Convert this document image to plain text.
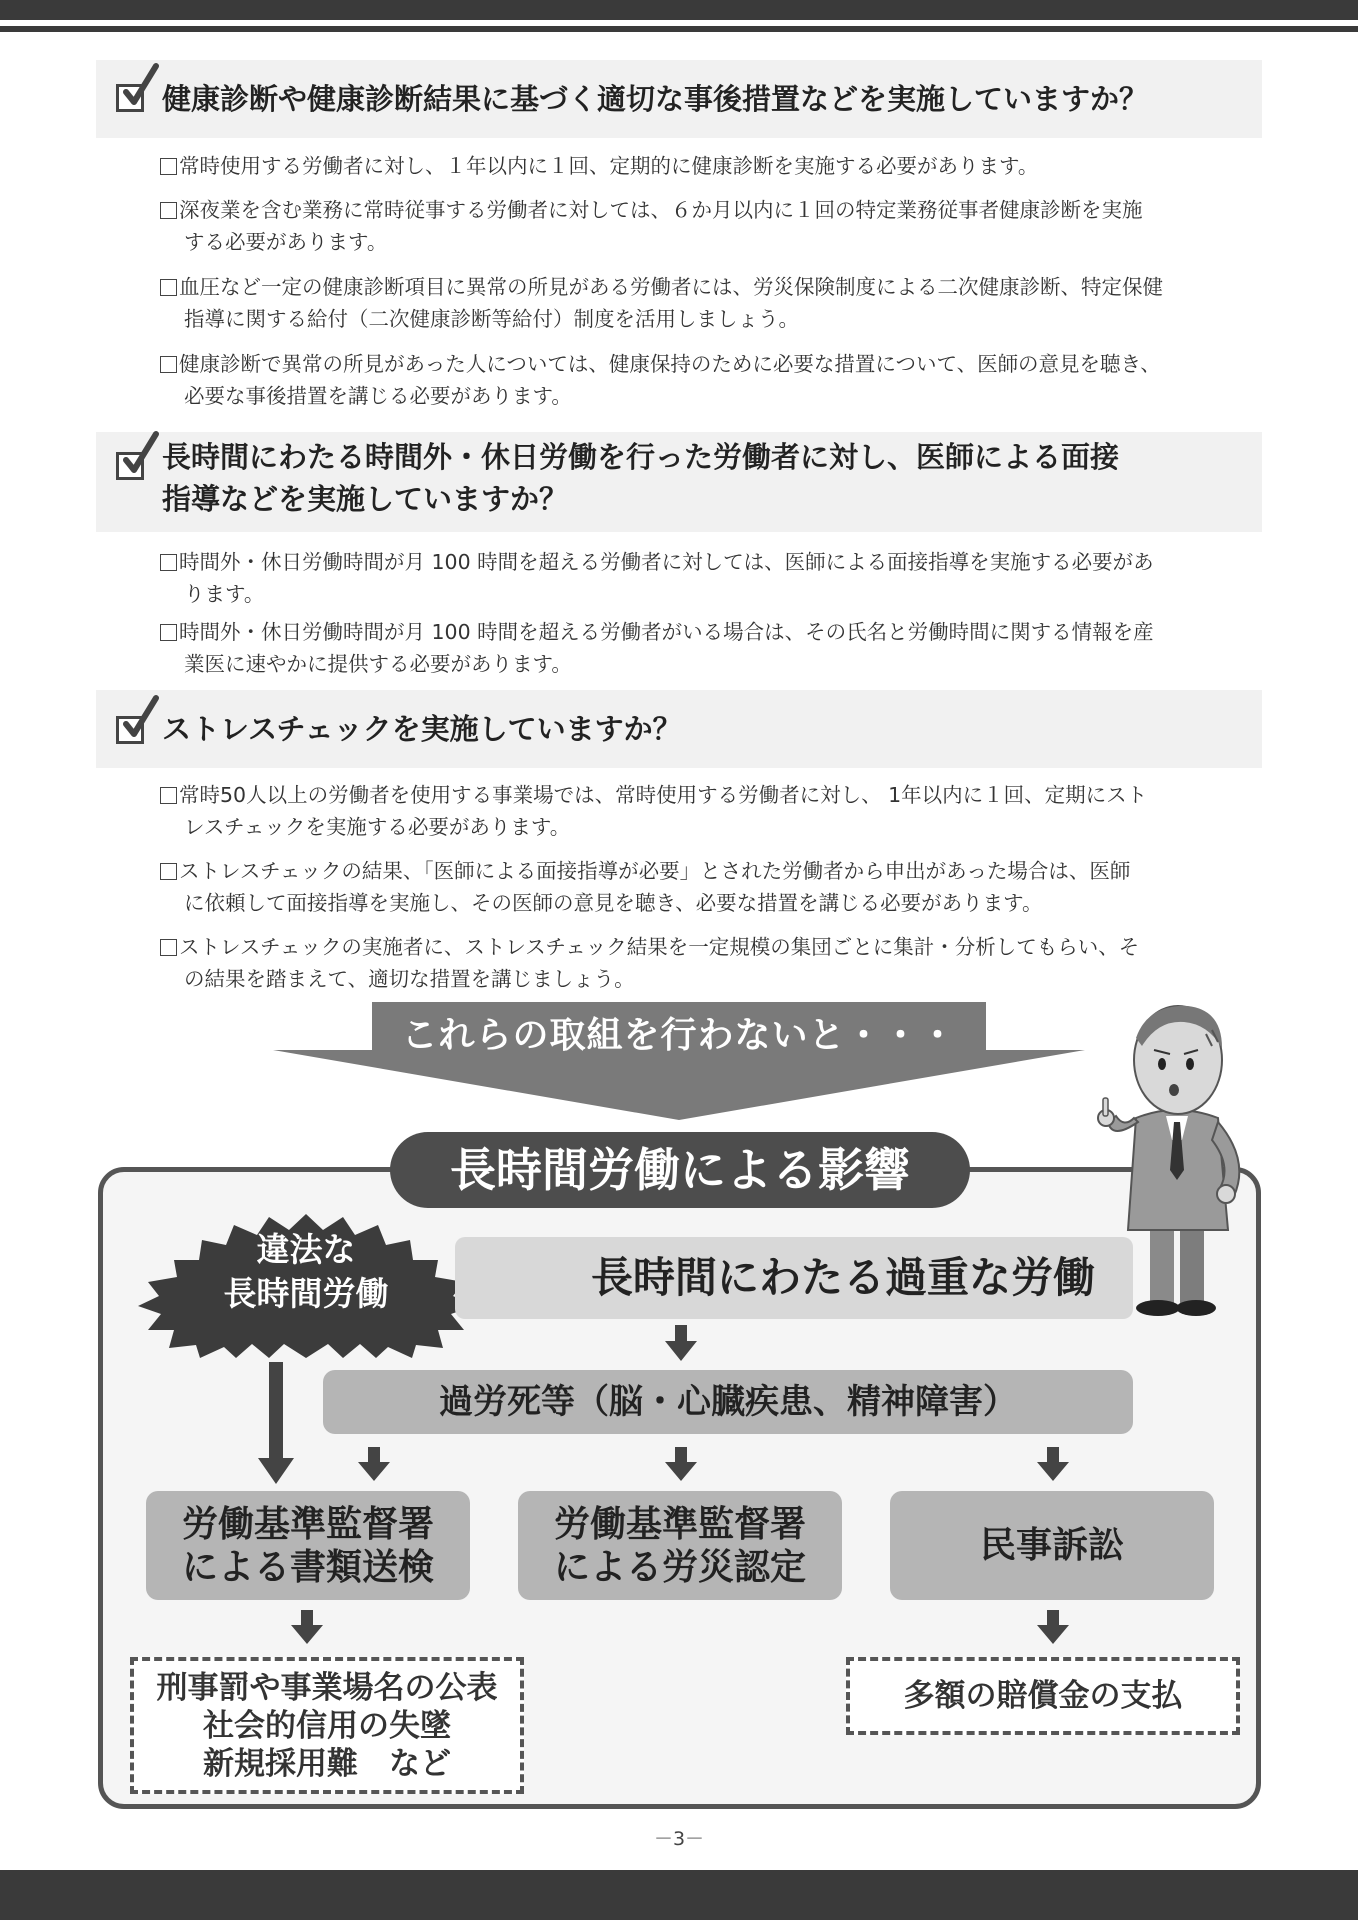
健康診断や健康診断結果に基づく適切な事後措置などを実施していますか？
常時使用する労働者に対し、１年以内に１回、定期的に健康診断を実施する必要があります。
深夜業を含む業務に常時従事する労働者に対しては、６か月以内に１回の特定業務従事者健康診断を実施
する必要があります。
血圧など一定の健康診断項目に異常の所見がある労働者には、労災保険制度による二次健康診断、特定保健
指導に関する給付（二次健康診断等給付）制度を活用しましょう。
健康診断で異常の所見があった人については、健康保持のために必要な措置について、医師の意見を聴き、
必要な事後措置を講じる必要があります。
長時間にわたる時間外・休日労働を行った労働者に対し、医師による面接
指導などを実施していますか？
時間外・休日労働時間が月 100 時間を超える労働者に対しては、医師による面接指導を実施する必要があ
ります。
時間外・休日労働時間が月 100 時間を超える労働者がいる場合は、その氏名と労働時間に関する情報を産
業医に速やかに提供する必要があります。
ストレスチェックを実施していますか？
常時50人以上の労働者を使用する事業場では、常時使用する労働者に対し、 1年以内に１回、定期にスト
レスチェックを実施する必要があります。
ストレスチェックの結果、「医師による面接指導が必要」とされた労働者から申出があった場合は、医師
に依頼して面接指導を実施し、その医師の意見を聴き、必要な措置を講じる必要があります。
ストレスチェックの実施者に、ストレスチェック結果を一定規模の集団ごとに集計・分析してもらい、そ
の結果を踏まえて、適切な措置を講じましょう。
これらの取組を行わないと・・・
長時間労働による影響
違法な
長時間労働	長時間にわたる過重な労働
過労死等（脳・心臓疾患、精神障害）
労働基準監督署
による書類送検
労働基準監督署
による労災認定
民事訴訟
刑事罰や事業場名の公表
社会的信用の失墜
新規採用難　など
多額の賠償金の支払
－3－
